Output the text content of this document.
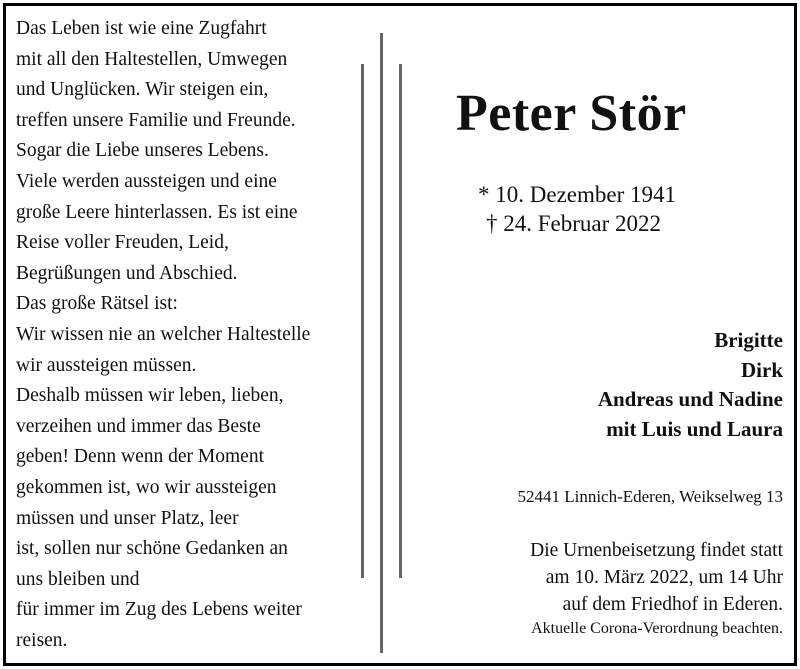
Das Leben ist wie eine Zugfahrt
mit all den Haltestellen, Umwegen
und Unglücken. Wir steigen ein,
treffen unsere Familie und Freunde.
Sogar die Liebe unseres Lebens.
Viele werden aussteigen und eine
große Leere hinterlassen. Es ist eine
Reise voller Freuden, Leid,
Begrüßungen und Abschied.
Das große Rätsel ist:
Wir wissen nie an welcher Haltestelle
wir aussteigen müssen.
Deshalb müssen wir leben, lieben,
verzeihen und immer das Beste
geben! Denn wenn der Moment
gekommen ist, wo wir aussteigen
müssen und unser Platz, leer
ist, sollen nur schöne Gedanken an
uns bleiben und
für immer im Zug des Lebens weiter
reisen.
Peter Stör
* 10. Dezember 1941
† 24. Februar 2022
Brigitte
Dirk
Andreas und Nadine
mit Luis und Laura
52441 Linnich-Ederen, Weikselweg 13
Die Urnenbeisetzung findet statt
am 10. März 2022, um 14 Uhr
auf dem Friedhof in Ederen.
Aktuelle Corona-Verordnung beachten.
